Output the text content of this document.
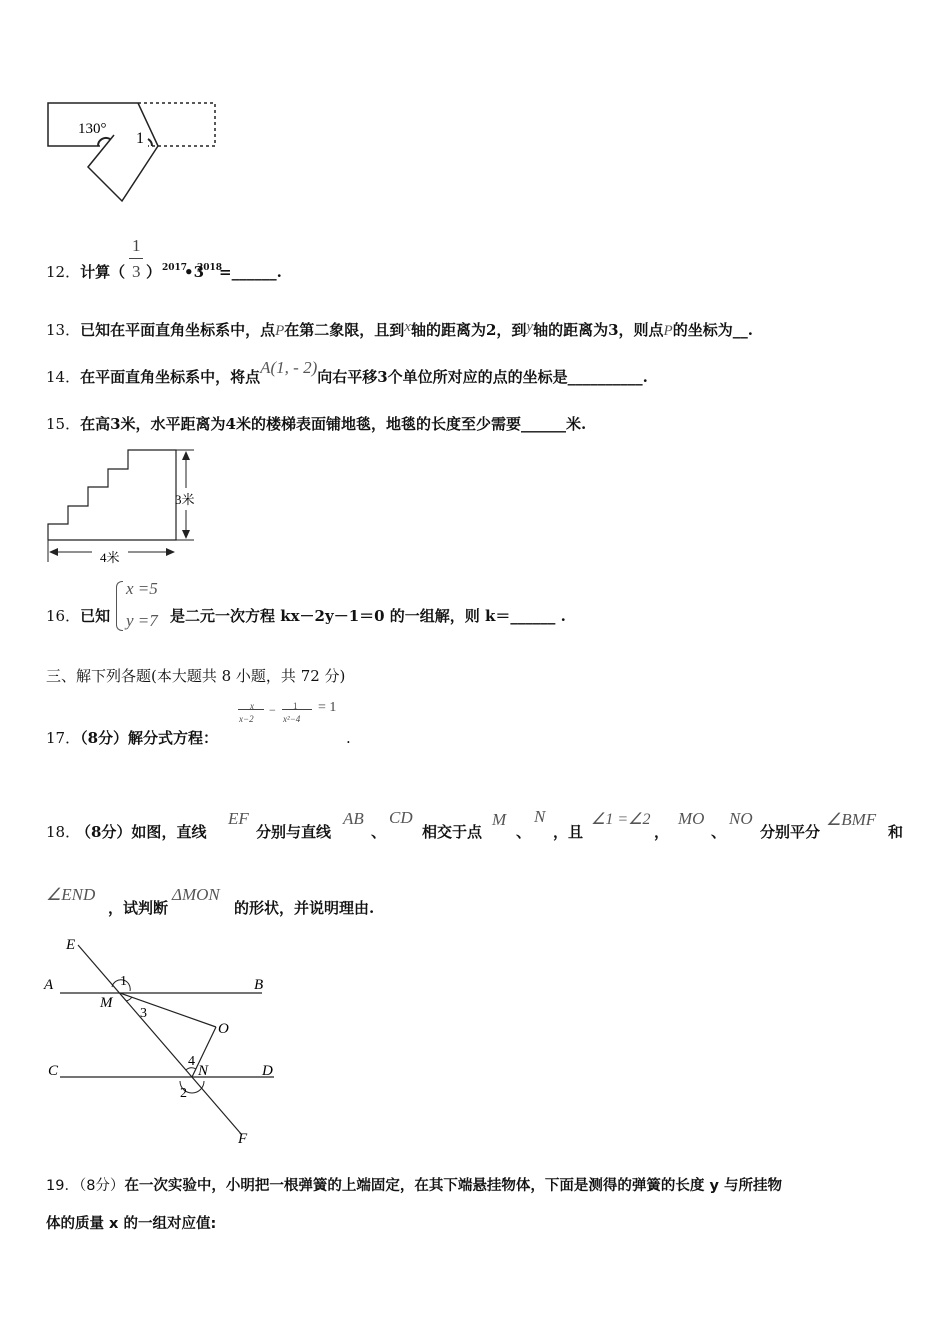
130°
1
12．计算（
1
3 ） 2017
•3
2018
=______.
13．已知在平面直角坐标系中，点P在第二象限，且到x轴的距离为2，到y轴的距离为3，则点P的坐标为__.
14．在平面直角坐标系中，将点A(1, - 2)向右平移3个单位所对应的点的坐标是__________.
15．在高3米，水平距离为4米的楼梯表面铺地毯，地毯的长度至少需要______米.
3米
4米
16．已知
x =5
y =7 是二元一次方程 kx－2y－1＝0 的一组解，则 k＝______ .
三、解下列各题(本大题共 8 小题，共 72 分)
17．（8分）解分式方程：
x
x−2
− 1
x²−4
= 1
.
18．
（8分）如图，直线
EF
分别与直线
AB
、
CD
相交于点
M
、
N
，且
∠1 =∠2
，
MO
、
NO
分别平分
∠BMF
和
∠END
，试判断
ΔMON
的形状，并说明理由.
E
A	B
1
M
3
O
4
N
C	D
2
F
19．（8分）在一次实验中，小明把一根弹簧的上端固定，在其下端悬挂物体，下面是测得的弹簧的长度 y 与所挂物
体的质量 x 的一组对应值:
